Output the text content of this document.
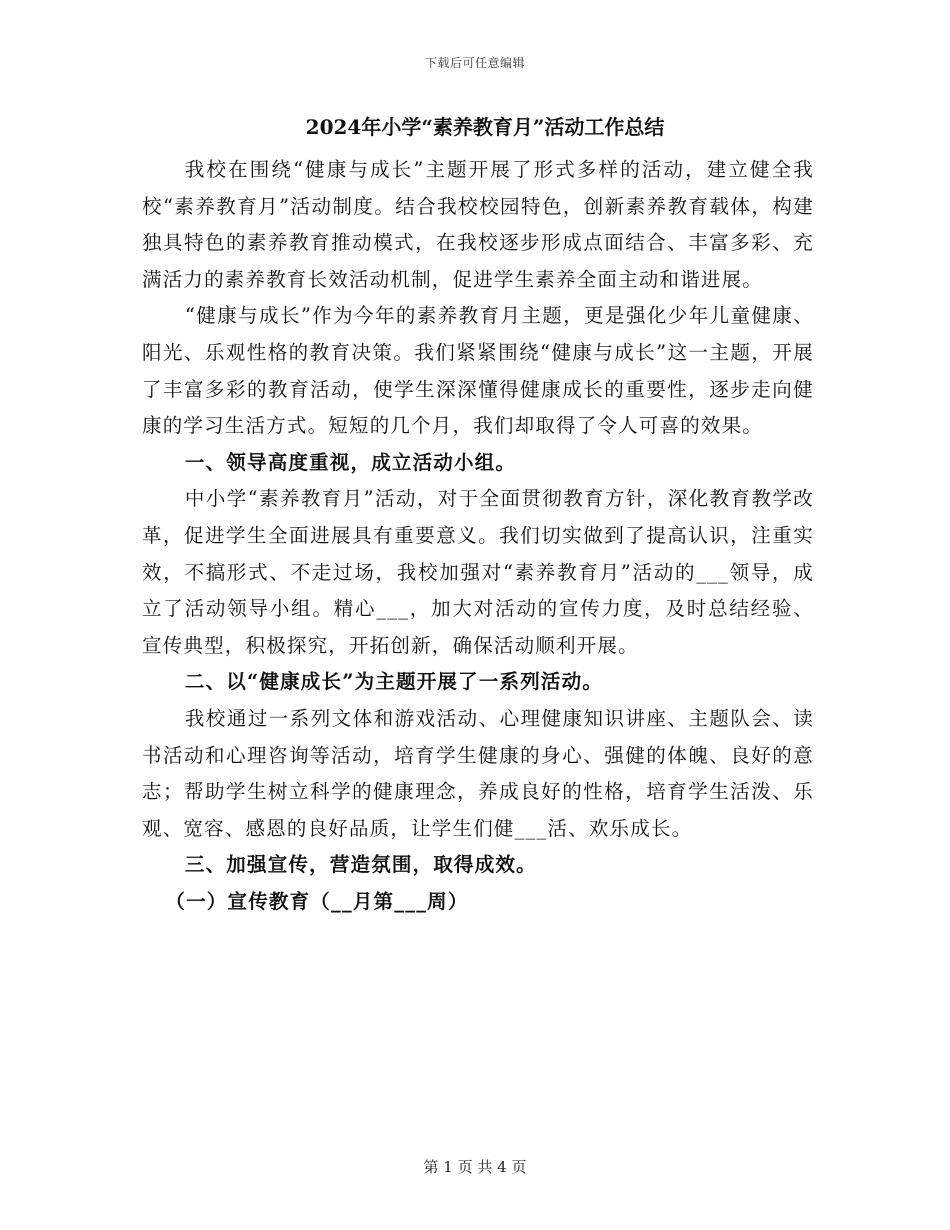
下载后可任意编辑
2024年小学“素养教育月”活动工作总结

我校在围绕“健康与成长”主题开展了形式多样的活动，建立健全我校“素养教育月”活动制度。结合我校校园特色，创新素养教育载体，构建独具特色的素养教育推动模式，在我校逐步形成点面结合、丰富多彩、充满活力的素养教育长效活动机制，促进学生素养全面主动和谐进展。

“健康与成长”作为今年的素养教育月主题，更是强化少年儿童健康、阳光、乐观性格的教育决策。我们紧紧围绕“健康与成长”这一主题，开展了丰富多彩的教育活动，使学生深深懂得健康成长的重要性，逐步走向健康的学习生活方式。短短的几个月，我们却取得了令人可喜的效果。

一、领导高度重视，成立活动小组。

中小学“素养教育月”活动，对于全面贯彻教育方针，深化教育教学改革，促进学生全面进展具有重要意义。我们切实做到了提高认识，注重实效，不搞形式、不走过场，我校加强对“素养教育月”活动的___领导，成立了活动领导小组。精心___，加大对活动的宣传力度，及时总结经验、宣传典型，积极探究，开拓创新，确保活动顺利开展。

二、以“健康成长”为主题开展了一系列活动。

我校通过一系列文体和游戏活动、心理健康知识讲座、主题队会、读书活动和心理咨询等活动，培育学生健康的身心、强健的体魄、良好的意志；帮助学生树立科学的健康理念，养成良好的性格，培育学生活泼、乐观、宽容、感恩的良好品质，让学生们健___活、欢乐成长。

三、加强宣传，营造氛围，取得成效。

（一）宣传教育（__月第___周）

第 1 页 共 4 页
